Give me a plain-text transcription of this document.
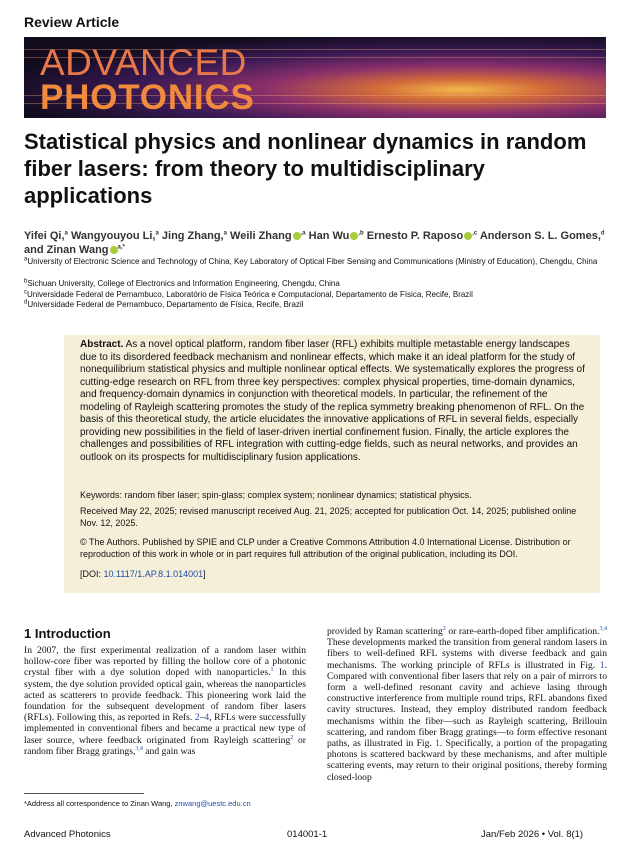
Review Article
ADVANCED
PHOTONICS
Statistical physics and nonlinear dynamics in random fiber lasers: from theory to multidisciplinary applications
Yifei Qi,$^a$ Wangyouyou Li,$^a$ Jing Zhang,$^a$ Weili Zhang $^{,a}$ Han Wu $^{,b}$ Ernesto P. Raposo $^{,c}$ Anderson S. L. Gomes,$^d$
and Zinan Wang $^{a,*}$
$^a$University of Electronic Science and Technology of China, Key Laboratory of Optical Fiber Sensing and Communications (Ministry of Education), Chengdu, China
$^b$Sichuan University, College of Electronics and Information Engineering, Chengdu, China
$^c$Universidade Federal de Pernambuco, Laboratório de Física Teórica e Computacional, Departamento de Física, Recife, Brazil
$^d$Universidade Federal de Pernambuco, Departamento de Física, Recife, Brazil
Abstract. As a novel optical platform, random fiber laser (RFL) exhibits multiple metastable energy landscapes due to its disordered feedback mechanism and nonlinear effects, which make it an ideal platform for the study of nonequilibrium statistical physics and multiple nonlinear optical effects. We systematically explores the progress of cutting-edge research on RFL from three key perspectives: complex physical properties, time-domain dynamics, and frequency-domain dynamics in conjunction with theoretical models. In particular, the refinement of the modeling of Rayleigh scattering promotes the study of the replica symmetry breaking phenomenon of RFL. On the basis of this theoretical study, the article elucidates the innovative applications of RFL in several fields, especially providing new possibilities in the field of laser-driven inertial confinement fusion. Finally, the article explores the challenges and possibilities of RFL integration with cutting-edge fields, such as neural networks, and provides an outlook on its prospects for multidisciplinary fusion applications.
Keywords: random fiber laser; spin-glass; complex system; nonlinear dynamics; statistical physics.
Received May 22, 2025; revised manuscript received Aug. 21, 2025; accepted for publication Oct. 14, 2025; published online Nov. 12, 2025.
© The Authors. Published by SPIE and CLP under a Creative Commons Attribution 4.0 International License. Distribution or reproduction of this work in whole or in part requires full attribution of the original publication, including its DOI.
[DOI: 10.1117/1.AP.8.1.014001]
1 Introduction
In 2007, the first experimental realization of a random laser within hollow-core fiber was reported by filling the hollow core of a photonic crystal fiber with a dye solution doped with nanoparticles.$^1$ In this system, the dye solution provided optical gain, whereas the nanoparticles acted as scatterers to provide feedback. This pioneering work laid the foundation for the subsequent development of random fiber lasers (RFLs). Following this, as reported in Refs. 2–4, RFLs were successfully implemented in conventional fibers and became a practical new type of laser source, where feedback originated from Rayleigh scattering$^2$ or random fiber Bragg gratings,$^{3,4}$ and gain was
provided by Raman scattering$^2$ or rare-earth-doped fiber amplification.$^{3,4}$ These developments marked the transition from general random lasers in fibers to well-defined RFL systems with diverse feedback and gain mechanisms. The working principle of RFLs is illustrated in Fig. 1. Compared with conventional fiber lasers that rely on a pair of mirrors to form a well-defined resonant cavity and achieve lasing through constructive interference from multiple round trips, RFL abandons fixed cavity structures. Instead, they employ distributed random feedback mechanisms within the fiber—such as Rayleigh scattering, Brillouin scattering, and random fiber Bragg gratings—to form effective resonant paths, as illustrated in Fig. 1. Specifically, a portion of the propagating photons is scattered backward by these mechanisms, and after multiple scattering events, may return to their original positions, thereby forming closed-loop
*Address all correspondence to Zinan Wang, znwang@uestc.edu.cn
Advanced Photonics	014001-1	Jan/Feb 2026 • Vol. 8(1)
